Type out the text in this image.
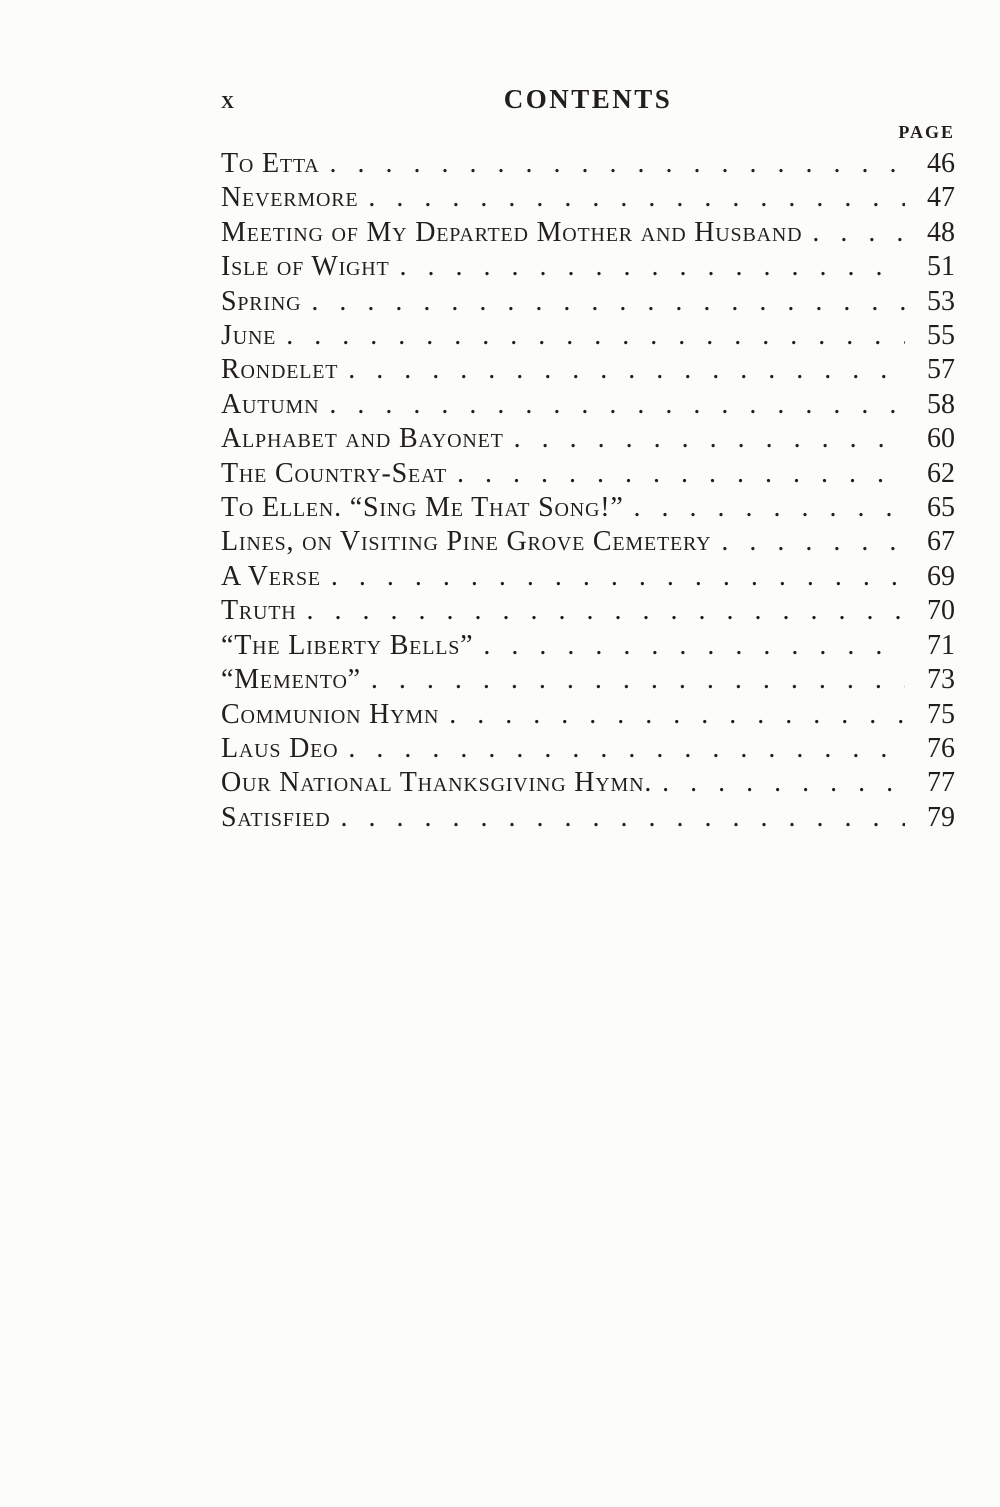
x	CONTENTS
PAGE
To Etta . . .	46
Nevermore . . .	47
Meeting of My Departed Mother and Husband . . .	48
Isle of Wight . . .	51
Spring . . .	53
June . . .	55
Rondelet . . .	57
Autumn . . .	58
Alphabet and Bayonet . . .	60
The Country-Seat . . .	62
To Ellen. “Sing Me That Song!” . . .	65
Lines, on Visiting Pine Grove Cemetery . . .	67
A Verse . . .	69
Truth . . .	70
“The Liberty Bells” . . .	71
“Memento” . . .	73
Communion Hymn . . .	75
Laus Deo . . .	76
Our National Thanksgiving Hymn. . . .	77
Satisfied . . .	79
